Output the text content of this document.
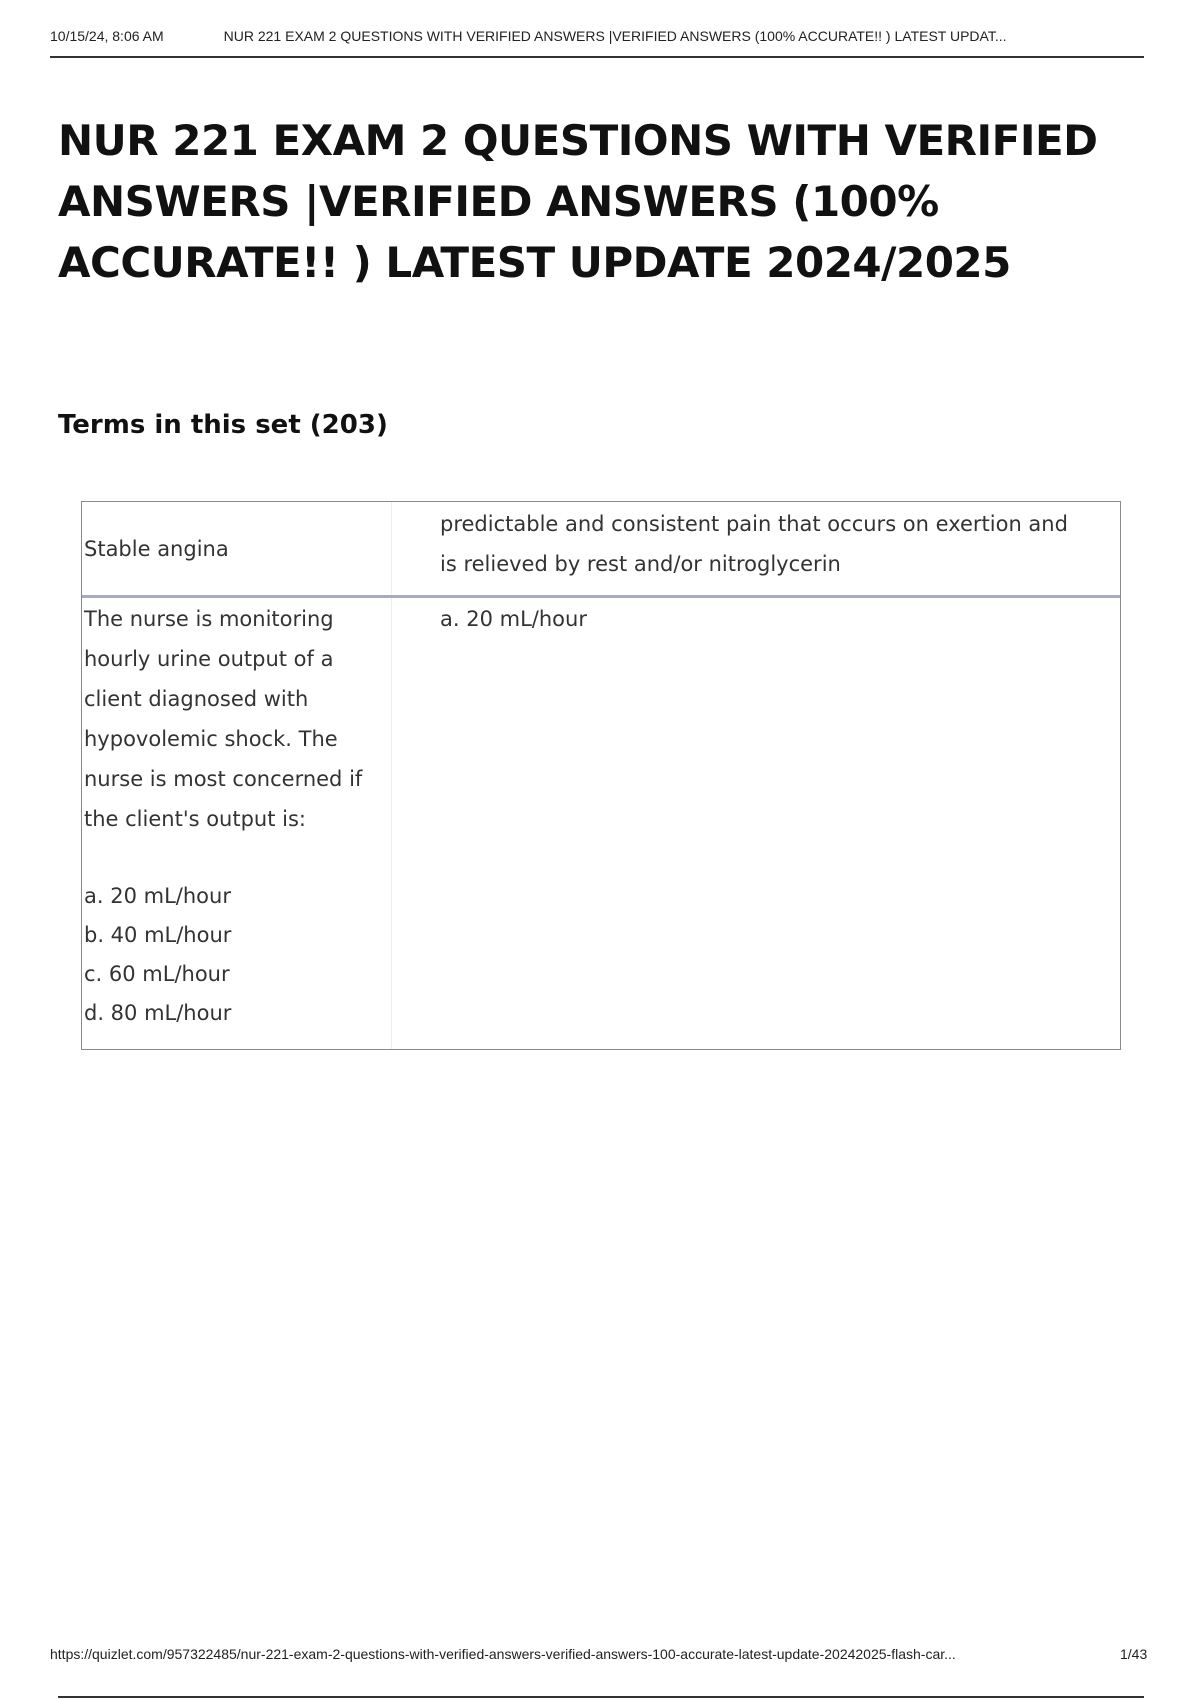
10/15/24, 8:06 AM	NUR 221 EXAM 2 QUESTIONS WITH VERIFIED ANSWERS |VERIFIED ANSWERS (100% ACCURATE!! ) LATEST UPDAT...
NUR 221 EXAM 2 QUESTIONS WITH VERIFIED ANSWERS |VERIFIED ANSWERS (100% ACCURATE!! ) LATEST UPDATE 2024/2025
Terms in this set (203)
Stable angina
predictable and consistent pain that occurs on exertion and is relieved by rest and/or nitroglycerin
The nurse is monitoring hourly urine output of a client diagnosed with hypovolemic shock. The nurse is most concerned if the client's output is:
a. 20 mL/hour
b. 40 mL/hour
c. 60 mL/hour
d. 80 mL/hour
a. 20 mL/hour
https://quizlet.com/957322485/nur-221-exam-2-questions-with-verified-answers-verified-answers-100-accurate-latest-update-20242025-flash-car...	1/43
